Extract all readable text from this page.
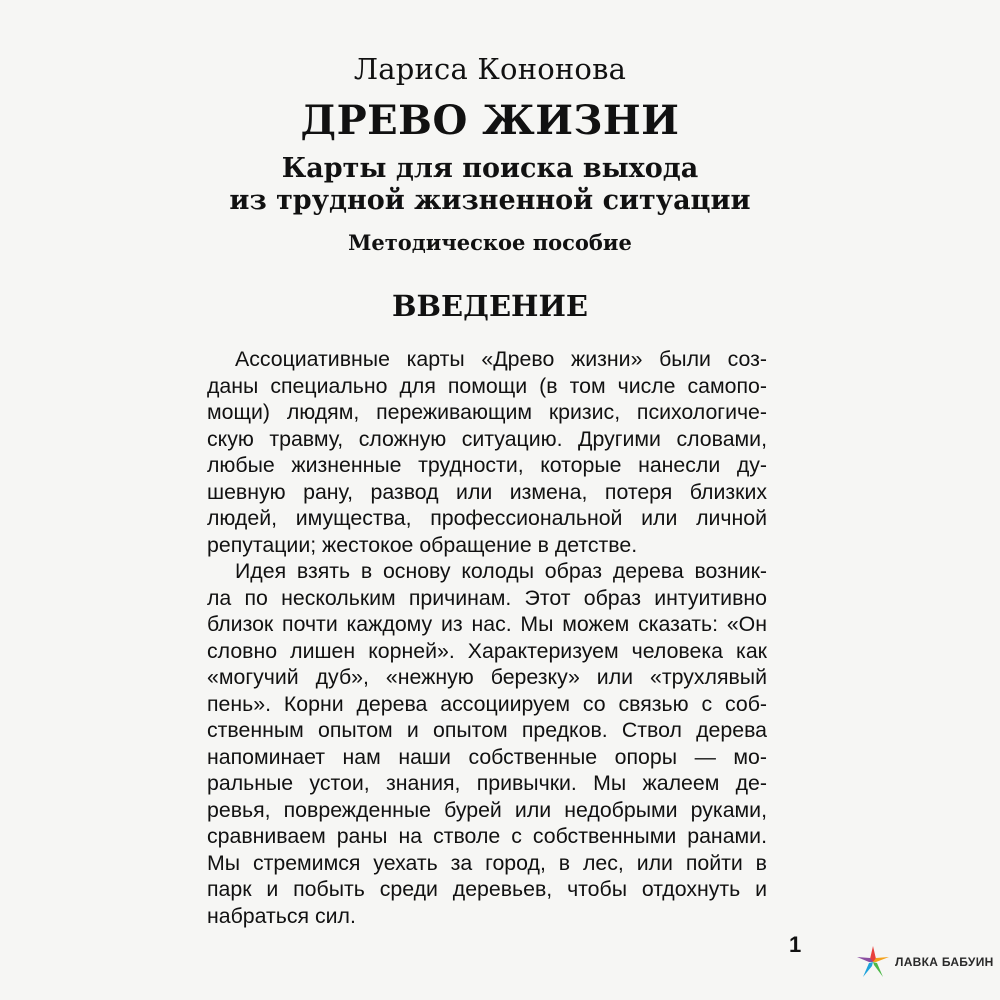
Лариса Кононова
ДРЕВО ЖИЗНИ
Карты для поиска выхода
из трудной жизненной ситуации
Методическое пособие
ВВЕДЕНИЕ
Ассоциативные карты «Древо жизни» были соз-
даны специально для помощи (в том числе самопо-
мощи) людям, переживающим кризис, психологиче-
скую травму, сложную ситуацию. Другими словами,
любые жизненные трудности, которые нанесли ду-
шевную рану, развод или измена, потеря близких
людей, имущества, профессиональной или личной
репутации; жестокое обращение в детстве.
Идея взять в основу колоды образ дерева возник-
ла по нескольким причинам. Этот образ интуитивно
близок почти каждому из нас. Мы можем сказать: «Он
словно лишен корней». Характеризуем человека как
«могучий дуб», «нежную березку» или «трухлявый
пень». Корни дерева ассоциируем со связью с соб-
ственным опытом и опытом предков. Ствол дерева
напоминает нам наши собственные опоры — мо-
ральные устои, знания, привычки. Мы жалеем де-
ревья, поврежденные бурей или недобрыми руками,
сравниваем раны на стволе с собственными ранами.
Мы стремимся уехать за город, в лес, или пойти в
парк и побыть среди деревьев, чтобы отдохнуть и
набраться сил.
1
ЛАВКА БАБУИН
